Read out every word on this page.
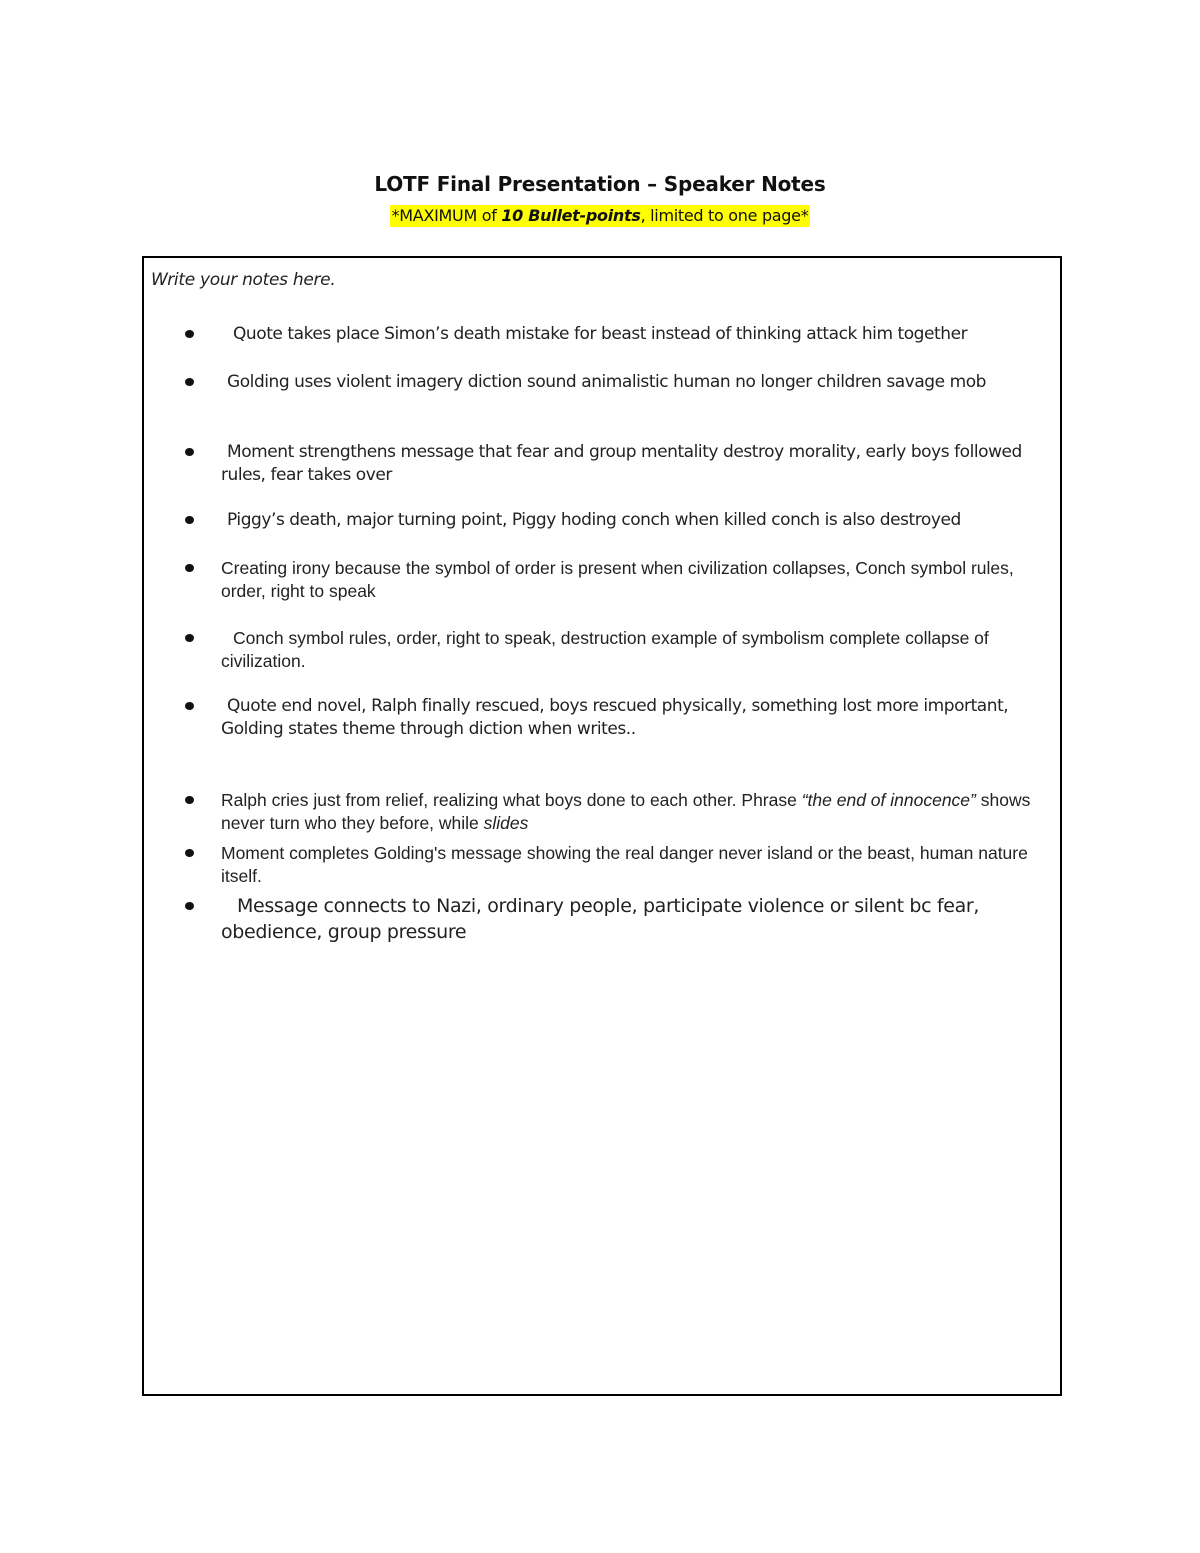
LOTF Final Presentation – Speaker Notes
*MAXIMUM of 10 Bullet-points, limited to one page*
Write your notes here.
Quote takes place Simon’s death mistake for beast instead of thinking attack him together
Golding uses violent imagery diction sound animalistic human no longer children savage mob
Moment strengthens message that fear and group mentality destroy morality, early boys followed rules, fear takes over
Piggy’s death, major turning point, Piggy hoding conch when killed conch is also destroyed
Creating irony because the symbol of order is present when civilization collapses, Conch symbol rules, order, right to speak
Conch symbol rules, order, right to speak, destruction example of symbolism complete collapse of civilization.
Quote end novel, Ralph finally rescued, boys rescued physically, something lost more important, Golding states theme through diction when writes..
Ralph cries just from relief, realizing what boys done to each other. Phrase “the end of innocence” shows never turn who they before, while slides
Moment completes Golding's message showing the real danger never island or the beast, human nature itself.
Message connects to Nazi, ordinary people, participate violence or silent bc fear, obedience, group pressure
